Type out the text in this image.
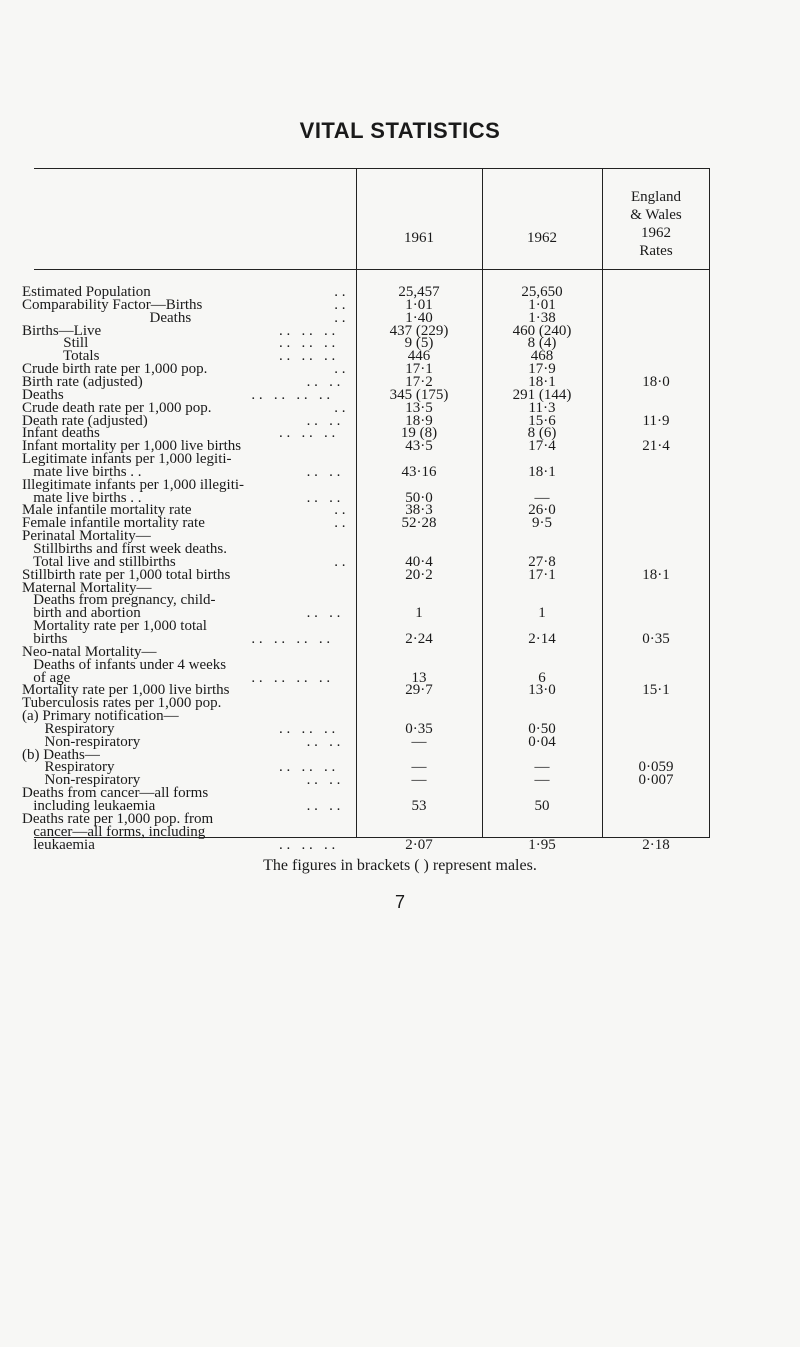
VITAL STATISTICS
1961	1962
England
& Wales
1962
Rates
Estimated Population	. .	25,457	25,650
Comparability Factor—Births	. .	1·01	1·01
Deaths	. .	1·40	1·38
Births—Live	. .   . .   . .	437 (229)	460 (240)
Still	. .   . .   . .	9 (5)	8 (4)
Totals	. .   . .   . .	446	468
Crude birth rate per 1,000 pop.	. .	17·1	17·9
Birth rate (adjusted)	. .   . .	17·2	18·1	18·0
Deaths	. .   . .   . .   . .	345 (175)	291 (144)
Crude death rate per 1,000 pop.	. .	13·5	11·3
Death rate (adjusted)	. .   . .	18·9	15·6	11·9
Infant deaths	. .   . .   . .	19 (8)	8 (6)
Infant mortality per 1,000 live births	43·5	17·4	21·4
Legitimate infants per 1,000 legiti-
mate live births . .	. .   . .	43·16	18·1
Illegitimate infants per 1,000 illegiti-
mate live births . .	. .   . .	50·0	—
Male infantile mortality rate	. .	38·3	26·0
Female infantile mortality rate	. .	52·28	9·5
Perinatal Mortality—
Stillbirths and first week deaths.
Total live and stillbirths	. .	40·4	27·8
Stillbirth rate per 1,000 total births	20·2	17·1	18·1
Maternal Mortality—
Deaths from pregnancy, child-
birth and abortion	. .   . .	1	1
Mortality rate per 1,000 total
births	. .   . .   . .   . .	2·24	2·14	0·35
Neo-natal Mortality—
Deaths of infants under 4 weeks
of age	. .   . .   . .   . .	13	6
Mortality rate per 1,000 live births	29·7	13·0	15·1
Tuberculosis rates per 1,000 pop.
(a) Primary notification—
Respiratory	. .   . .   . .	0·35	0·50
Non-respiratory	. .   . .	—	0·04
(b) Deaths—
Respiratory	. .   . .   . .	—	—	0·059
Non-respiratory	. .   . .	—	—	0·007
Deaths from cancer—all forms
including leukaemia	. .   . .	53	50
Deaths rate per 1,000 pop. from
cancer—all forms, including
leukaemia	. .   . .   . .	2·07	1·95	2·18
The figures in brackets ( ) represent males.
7
